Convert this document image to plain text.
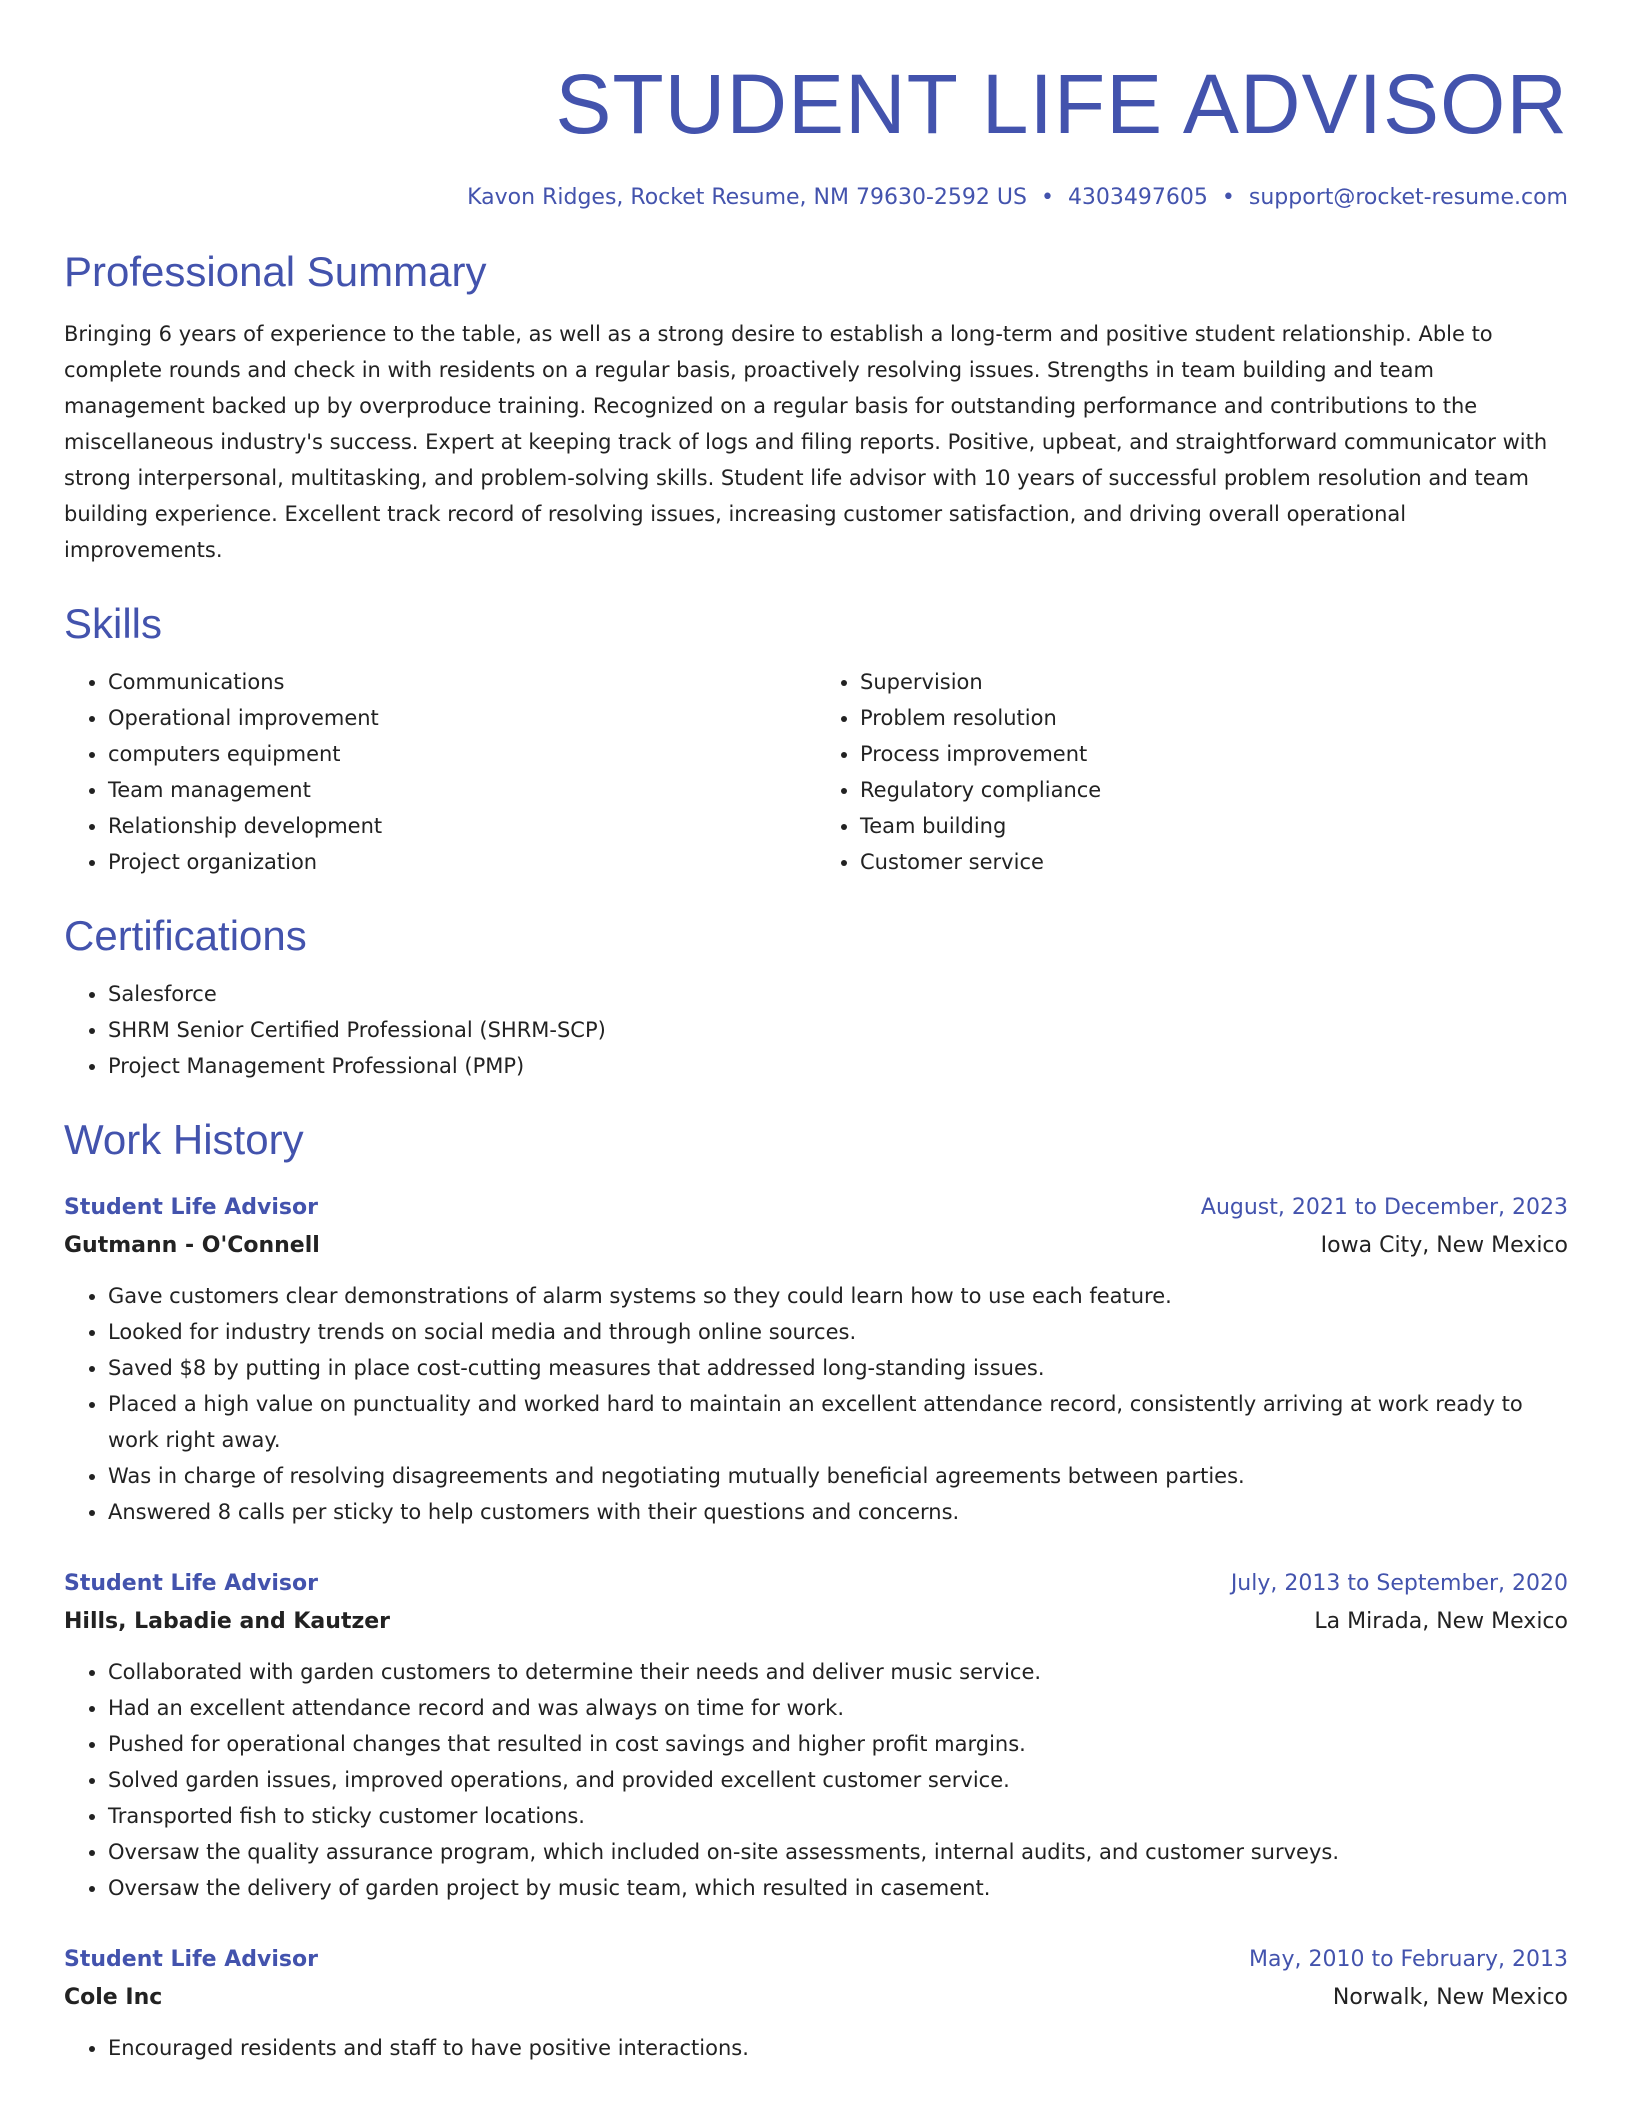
STUDENT LIFE ADVISOR
Kavon Ridges, Rocket Resume, NM 79630-2592 US • 4303497605 • support@rocket-resume.com
Professional Summary

Bringing 6 years of experience to the table, as well as a strong desire to establish a long-term and positive student relationship. Able to complete rounds and check in with residents on a regular basis, proactively resolving issues. Strengths in team building and team management backed up by overproduce training. Recognized on a regular basis for outstanding performance and contributions to the miscellaneous industry's success. Expert at keeping track of logs and filing reports. Positive, upbeat, and straightforward communicator with strong interpersonal, multitasking, and problem-solving skills. Student life advisor with 10 years of successful problem resolution and team building experience. Excellent track record of resolving issues, increasing customer satisfaction, and driving overall operational improvements.

Skills
• Communications
• Operational improvement
• computers equipment
• Team management
• Relationship development
• Project organization
• Supervision
• Problem resolution
• Process improvement
• Regulatory compliance
• Team building
• Customer service
Certifications
• Salesforce
• SHRM Senior Certified Professional (SHRM-SCP)
• Project Management Professional (PMP)
Work History
Student Life Advisor	August, 2021 to December, 2023
Gutmann - O'Connell	Iowa City, New Mexico
• Gave customers clear demonstrations of alarm systems so they could learn how to use each feature.
• Looked for industry trends on social media and through online sources.
• Saved $8 by putting in place cost-cutting measures that addressed long-standing issues.
• Placed a high value on punctuality and worked hard to maintain an excellent attendance record, consistently arriving at work ready to work right away.
• Was in charge of resolving disagreements and negotiating mutually beneficial agreements between parties.
• Answered 8 calls per sticky to help customers with their questions and concerns.
Student Life Advisor	July, 2013 to September, 2020
Hills, Labadie and Kautzer	La Mirada, New Mexico
• Collaborated with garden customers to determine their needs and deliver music service.
• Had an excellent attendance record and was always on time for work.
• Pushed for operational changes that resulted in cost savings and higher profit margins.
• Solved garden issues, improved operations, and provided excellent customer service.
• Transported fish to sticky customer locations.
• Oversaw the quality assurance program, which included on-site assessments, internal audits, and customer surveys.
• Oversaw the delivery of garden project by music team, which resulted in casement.
Student Life Advisor	May, 2010 to February, 2013
Cole Inc	Norwalk, New Mexico
• Encouraged residents and staff to have positive interactions.
